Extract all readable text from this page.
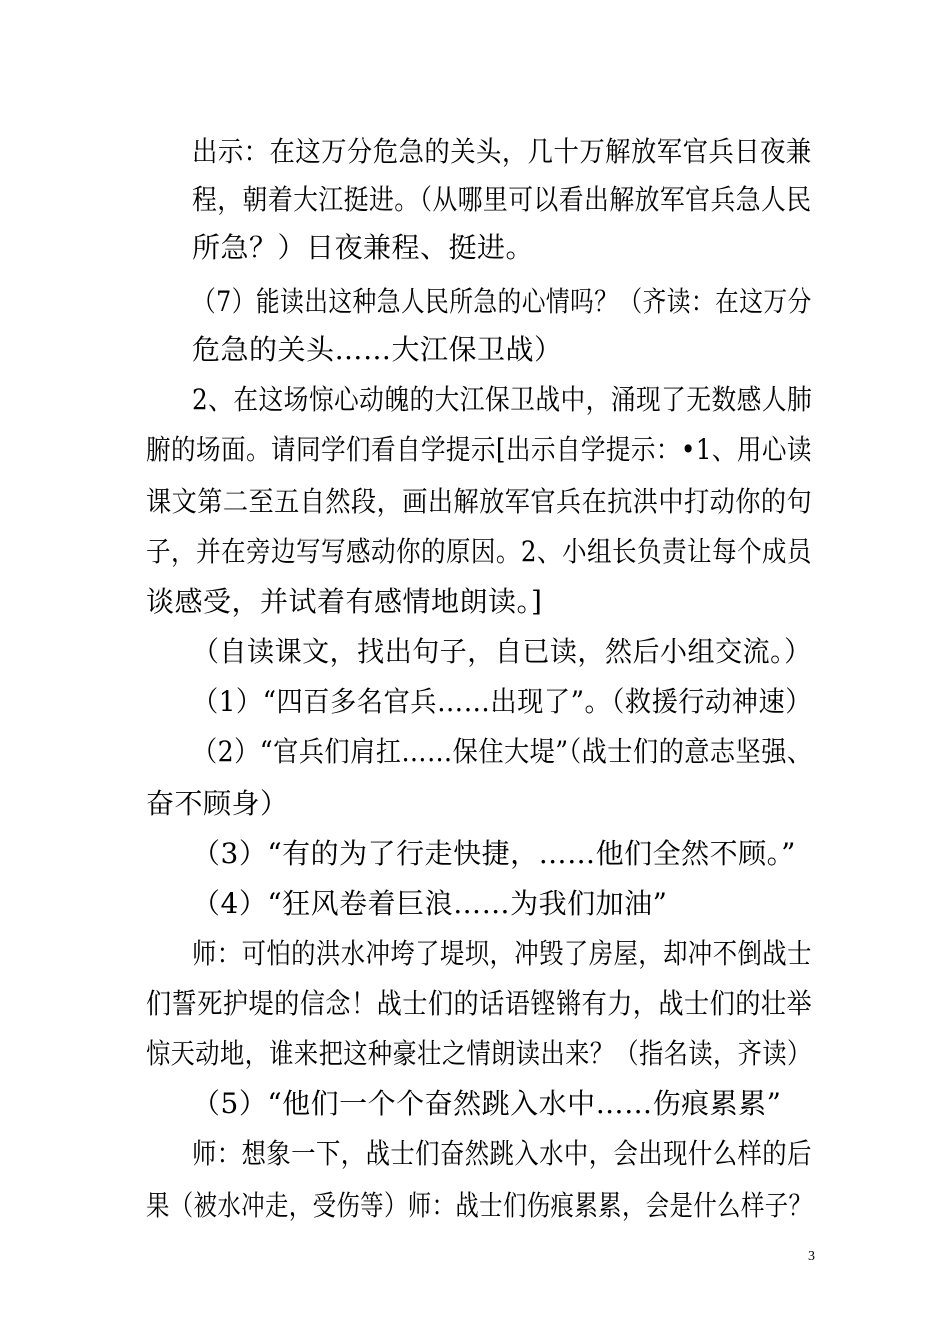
出示：在这万分危急的关头，几十万解放军官兵日夜兼
程，朝着大江挺进。（从哪里可以看出解放军官兵急人民
所急？）日夜兼程、挺进。
（7）能读出这种急人民所急的心情吗？（齐读：在这万分
危急的关头……大江保卫战）
2、在这场惊心动魄的大江保卫战中，涌现了无数感人肺
腑的场面。请同学们看自学提示[出示自学提示：•1、用心读
课文第二至五自然段，画出解放军官兵在抗洪中打动你的句
子，并在旁边写写感动你的原因。2、小组长负责让每个成员
谈感受，并试着有感情地朗读。]
（自读课文，找出句子，自已读，然后小组交流。）
（1）“四百多名官兵……出现了”。（救援行动神速）
（2）“官兵们肩扛……保住大堤”（战士们的意志坚强、
奋不顾身）
（3）“有的为了行走快捷，……他们全然不顾。”
（4）“狂风卷着巨浪……为我们加油”
师：可怕的洪水冲垮了堤坝，冲毁了房屋，却冲不倒战士
们誓死护堤的信念！战士们的话语铿锵有力，战士们的壮举
惊天动地，谁来把这种豪壮之情朗读出来？（指名读，齐读）
（5）“他们一个个奋然跳入水中……伤痕累累”
师：想象一下，战士们奋然跳入水中，会出现什么样的后
果（被水冲走，受伤等）师：战士们伤痕累累，会是什么样子？
3
